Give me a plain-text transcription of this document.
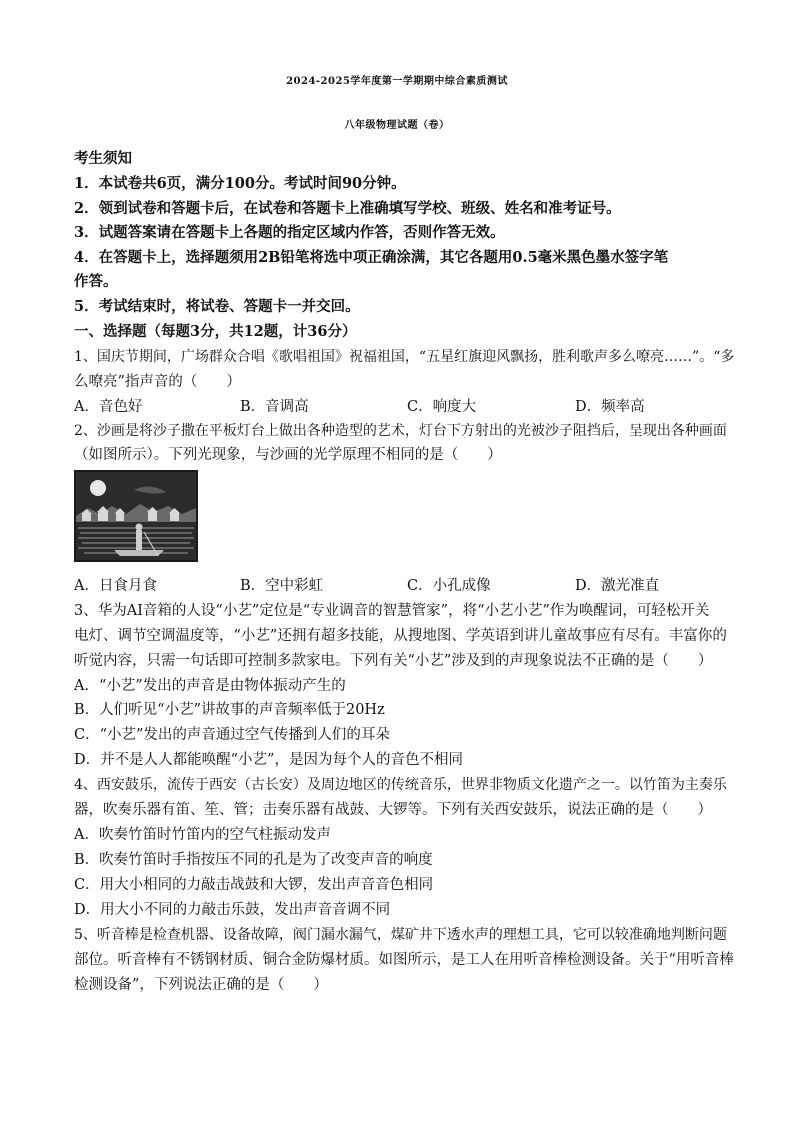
2024-2025学年度第一学期期中综合素质测试
八年级物理试题（卷）
考生须知
1．本试卷共6页，满分100分。考试时间90分钟。
2．领到试卷和答题卡后，在试卷和答题卡上准确填写学校、班级、姓名和准考证号。
3．试题答案请在答题卡上各题的指定区域内作答，否则作答无效。
4．在答题卡上，选择题须用2B铅笔将选中项正确涂满，其它各题用0.5毫米黑色墨水签字笔
作答。
5．考试结束时，将试卷、答题卡一并交回。
一、选择题（每题3分，共12题，计36分）
1、国庆节期间，广场群众合唱《歌唱祖国》祝福祖国，“五星红旗迎风飘扬，胜利歌声多么嘹亮……”。“多
么嘹亮”指声音的（　　）
A．音色好	B．音调高	C．响度大	D．频率高
2、沙画是将沙子撒在平板灯台上做出各种造型的艺术，灯台下方射出的光被沙子阻挡后，呈现出各种画面
（如图所示）。下列光现象，与沙画的光学原理不相同的是（　　）
A．日食月食	B．空中彩虹	C．小孔成像	D．激光准直
3、华为AI音箱的人设“小艺”定位是“专业调音的智慧管家”，将“小艺小艺”作为唤醒词，可轻松开关
电灯、调节空调温度等，“小艺”还拥有超多技能，从搜地图、学英语到讲儿童故事应有尽有。丰富你的
听觉内容，只需一句话即可控制多款家电。下列有关“小艺”涉及到的声现象说法不正确的是（　　）
A．“小艺”发出的声音是由物体振动产生的
B．人们听见“小艺”讲故事的声音频率低于20Hz
C．“小艺”发出的声音通过空气传播到人们的耳朵
D．并不是人人都能唤醒“小艺”，是因为每个人的音色不相同
4、西安鼓乐，流传于西安（古长安）及周边地区的传统音乐，世界非物质文化遗产之一。以竹笛为主奏乐
器，吹奏乐器有笛、笙、管；击奏乐器有战鼓、大锣等。下列有关西安鼓乐，说法正确的是（　　）
A．吹奏竹笛时竹笛内的空气柱振动发声
B．吹奏竹笛时手指按压不同的孔是为了改变声音的响度
C．用大小相同的力敲击战鼓和大锣，发出声音音色相同
D．用大小不同的力敲击乐鼓，发出声音音调不同
5、听音棒是检查机器、设备故障，阀门漏水漏气，煤矿井下透水声的理想工具，它可以较准确地判断问题
部位。听音棒有不锈钢材质、铜合金防爆材质。如图所示，是工人在用听音棒检测设备。关于“用听音棒
检测设备”，下列说法正确的是（　　）
